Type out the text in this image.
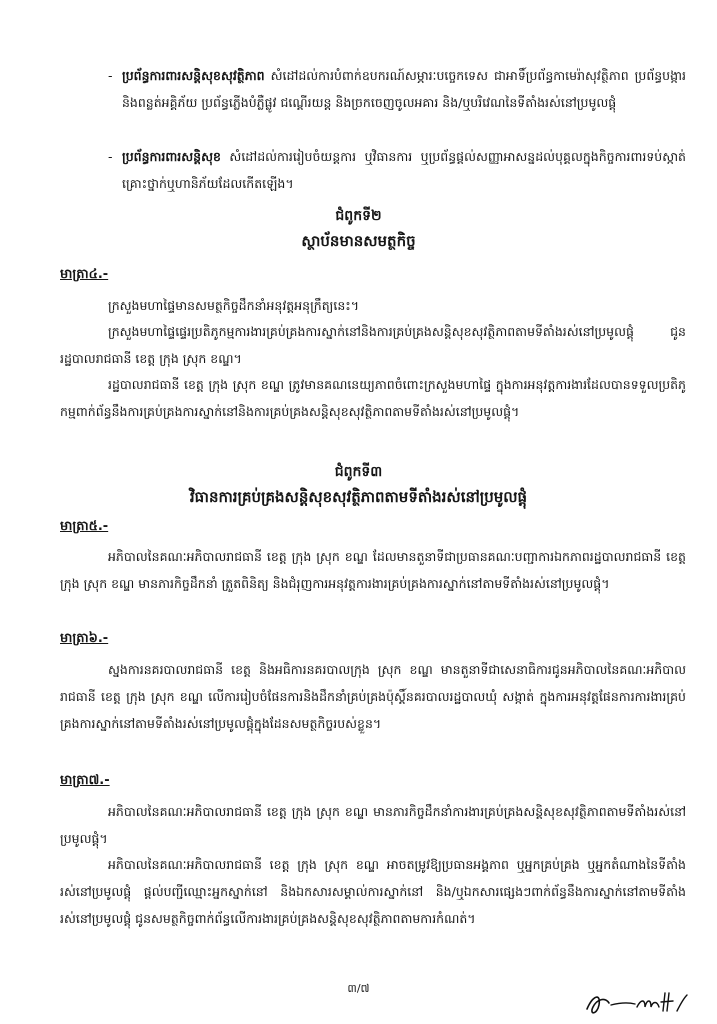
- ប្រព័ន្ធការពារសន្តិសុខសុវត្ថិភាព សំដៅដល់ការបំពាក់ឧបករណ៍សម្ភារៈបច្ចេកទេស ជាអាទិ៍ប្រព័ន្ធកាមេរ៉ាសុវត្ថិភាព ប្រព័ន្ធបង្ការនិងពន្លត់អគ្គិភ័យ ប្រព័ន្ធភ្លើងបំភ្លឺផ្លូវ ជណ្តើរយន្ត និងច្រកចេញចូលអគារ និង/ឬបរិវេណនៃទីតាំងរស់នៅប្រមូលផ្តុំ
- ប្រព័ន្ធការពារសន្តិសុខ សំដៅដល់ការរៀបចំយន្តការ ឬវិធានការ ឬប្រព័ន្ធផ្តល់សញ្ញាអាសន្នដល់បុគ្គលក្នុងកិច្ចការពារទប់ស្កាត់គ្រោះថ្នាក់ឬហានិភ័យដែលកើតឡើង។
ជំពូកទី២
ស្ថាប័នមានសមត្ថកិច្ច
មាត្រា៤.-
ក្រសួងមហាផ្ទៃមានសមត្ថកិច្ចដឹកនាំអនុវត្តអនុក្រឹត្យនេះ។
ក្រសួងមហាផ្ទៃផ្ទេរប្រតិភូកម្មការងារគ្រប់គ្រងការស្នាក់នៅនិងការគ្រប់គ្រងសន្តិសុខសុវត្ថិភាពតាមទីតាំងរស់នៅប្រមូលផ្តុំ ជូនរដ្ឋបាលរាជធានី ខេត្ត ក្រុង ស្រុក ខណ្ឌ។
រដ្ឋបាលរាជធានី ខេត្ត ក្រុង ស្រុក ខណ្ឌ ត្រូវមានគណនេយ្យភាពចំពោះក្រសួងមហាផ្ទៃ ក្នុងការអនុវត្តការងារដែលបានទទួលប្រតិភូកម្មពាក់ព័ន្ធនឹងការគ្រប់គ្រងការស្នាក់នៅនិងការគ្រប់គ្រងសន្តិសុខសុវត្ថិភាពតាមទីតាំងរស់នៅប្រមូលផ្តុំ។
ជំពូកទី៣
វិធានការគ្រប់គ្រងសន្តិសុខសុវត្ថិភាពតាមទីតាំងរស់នៅប្រមូលផ្តុំ
មាត្រា៥.-
អភិបាលនៃគណៈអភិបាលរាជធានី ខេត្ត ក្រុង ស្រុក ខណ្ឌ ដែលមានតួនាទីជាប្រធានគណៈបញ្ជាការឯកភាពរដ្ឋបាលរាជធានី ខេត្ត ក្រុង ស្រុក ខណ្ឌ មានភារកិច្ចដឹកនាំ ត្រួតពិនិត្យ និងជំរុញការអនុវត្តការងារគ្រប់គ្រងការស្នាក់នៅតាមទីតាំងរស់នៅប្រមូលផ្តុំ។
មាត្រា៦.-
ស្នងការនគរបាលរាជធានី ខេត្ត និងអធិការនគរបាលក្រុង ស្រុក ខណ្ឌ មានតួនាទីជាសេនាធិការជូនអភិបាលនៃគណៈអភិបាលរាជធានី ខេត្ត ក្រុង ស្រុក ខណ្ឌ លើការរៀបចំផែនការនិងដឹកនាំគ្រប់គ្រងប៉ុស្តិ៍នគរបាលរដ្ឋបាលឃុំ សង្កាត់ ក្នុងការអនុវត្តផែនការការងារគ្រប់គ្រងការស្នាក់នៅតាមទីតាំងរស់នៅប្រមូលផ្តុំក្នុងដែនសមត្ថកិច្ចរបស់ខ្លួន។
មាត្រា៧.-
អភិបាលនៃគណៈអភិបាលរាជធានី ខេត្ត ក្រុង ស្រុក ខណ្ឌ មានភារកិច្ចដឹកនាំការងារគ្រប់គ្រងសន្តិសុខសុវត្ថិភាពតាមទីតាំងរស់នៅប្រមូលផ្តុំ។
អភិបាលនៃគណៈអភិបាលរាជធានី ខេត្ត ក្រុង ស្រុក ខណ្ឌ អាចតម្រូវឱ្យប្រធានអង្គភាព ឬអ្នកគ្រប់គ្រង ឬអ្នកតំណាងនៃទីតាំងរស់នៅប្រមូលផ្តុំ ផ្តល់បញ្ជីឈ្មោះអ្នកស្នាក់នៅ និងឯកសារសម្គាល់ការស្នាក់នៅ និង/ឬឯកសារផ្សេងៗពាក់ព័ន្ធនឹងការស្នាក់នៅតាមទីតាំងរស់នៅប្រមូលផ្តុំ ជូនសមត្ថកិច្ចពាក់ព័ន្ធលើការងារគ្រប់គ្រងសន្តិសុខសុវត្ថិភាពតាមការកំណត់។
៣/៧
